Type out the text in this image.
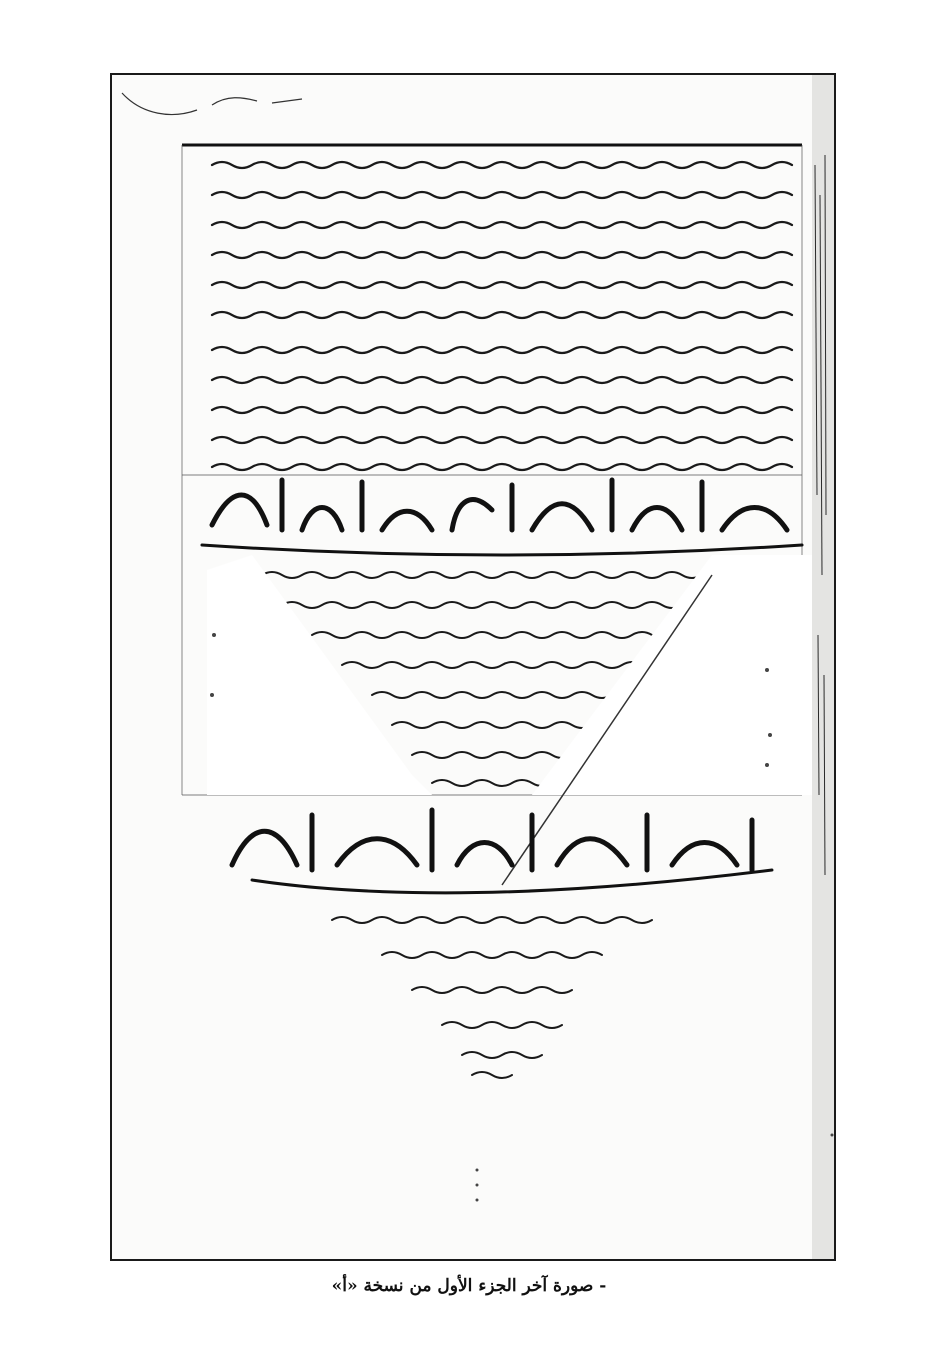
- صورة آخر الجزء الأول من نسخة «أ»
